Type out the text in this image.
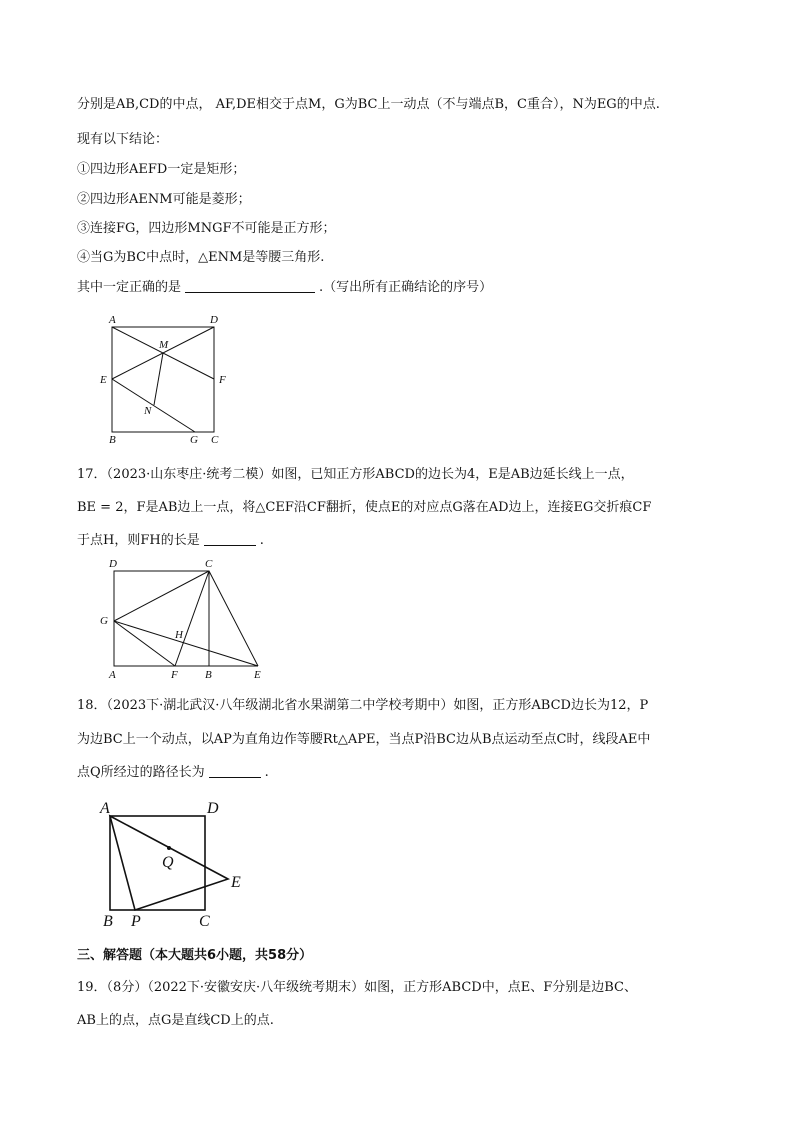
分别是AB,CD的中点， AF,DE相交于点M，G为BC上一动点（不与端点B，C重合），N为EG的中点.
现有以下结论：
①四边形AEFD一定是矩形；
②四边形AENM可能是菱形；
③连接FG，四边形MNGF不可能是正方形；
④当G为BC中点时，△ENM是等腰三角形.
其中一定正确的是	.（写出所有正确结论的序号）
A	D
M
E	F
N
B	G C
17．（2023·山东枣庄·统考二模）如图，已知正方形ABCD的边长为4，E是AB边延长线上一点，
BE = 2，F是AB边上一点，将△CEF沿CF翻折，使点E的对应点G落在AD边上，连接EG交折痕CF
于点H，则FH的长是	.
D	C
G
H
A	F B	E
18．（2023下·湖北武汉·八年级湖北省水果湖第二中学校考期中）如图，正方形ABCD边长为12，P
为边BC上一个动点，以AP为直角边作等腰Rt△APE，当点P沿BC边从B点运动至点C时，线段AE中
点Q所经过的路径长为	.
A	D
Q
E
B P	C
三、解答题（本大题共6小题，共58分）
19．（8分）（2022下·安徽安庆·八年级统考期末）如图，正方形ABCD中，点E、F分别是边BC、
AB上的点，点G是直线CD上的点.
